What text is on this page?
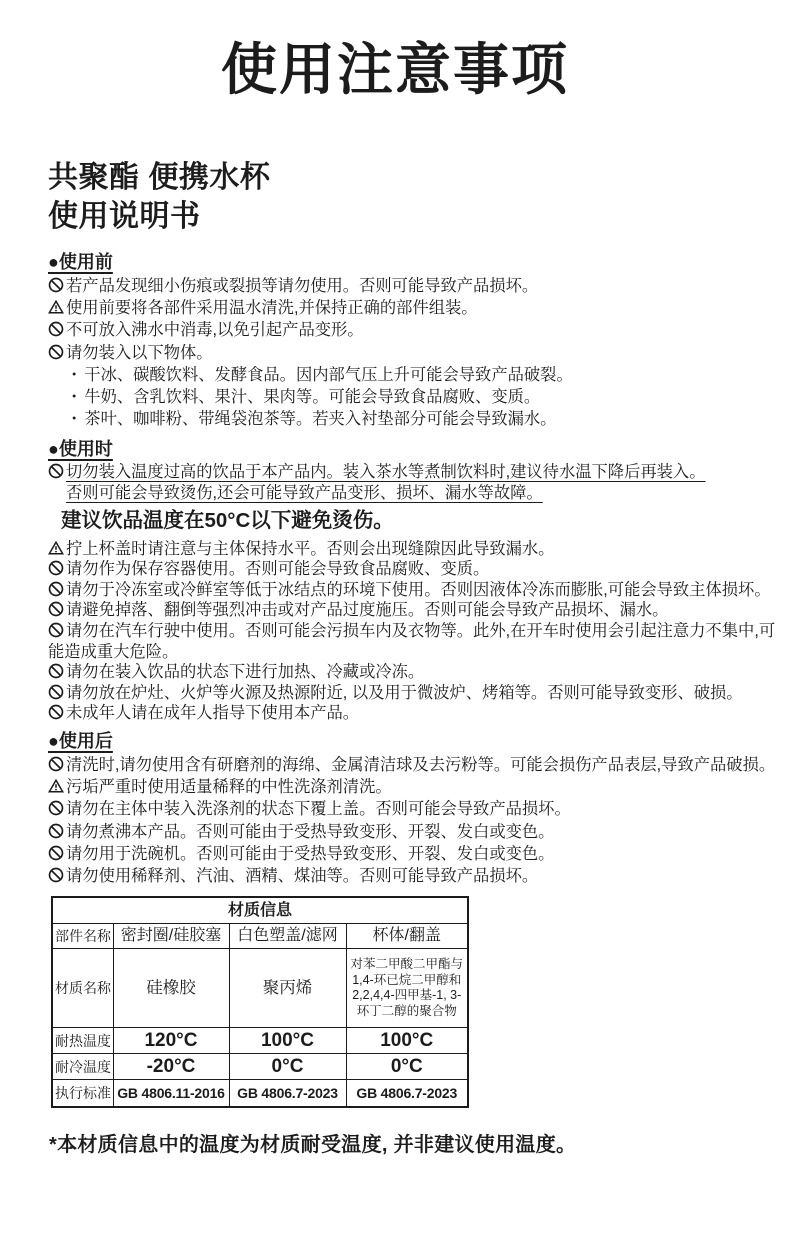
使用注意事项
共聚酯 便携水杯
使用说明书
●使用前
若产品发现细小伤痕或裂损等请勿使用。否则可能导致产品损坏。
使用前要将各部件采用温水清洗,并保持正确的部件组装。
不可放入沸水中消毒,以免引起产品变形。
请勿装入以下物体。
・ 干冰、碳酸饮料、发酵食品。因内部气压上升可能会导致产品破裂。
・ 牛奶、含乳饮料、果汁、果肉等。可能会导致食品腐败、变质。
・ 茶叶、咖啡粉、带绳袋泡茶等。若夹入衬垫部分可能会导致漏水。
●使用时
切勿装入温度过高的饮品于本产品内。装入茶水等煮制饮料时,建议待水温下降后再装入。
否则可能会导致烫伤,还会可能导致产品变形、损坏、漏水等故障。
建议饮品温度在50°C以下避免烫伤。
拧上杯盖时请注意与主体保持水平。否则会出现缝隙因此导致漏水。
请勿作为保存容器使用。否则可能会导致食品腐败、变质。
请勿于冷冻室或冷鲜室等低于冰结点的环境下使用。否则因液体冷冻而膨胀,可能会导致主体损坏。
请避免掉落、翻倒等强烈冲击或对产品过度施压。否则可能会导致产品损坏、漏水。
请勿在汽车行驶中使用。否则可能会污损车内及衣物等。此外,在开车时使用会引起注意力不集中,可能造成重大危险。
请勿在装入饮品的状态下进行加热、冷藏或冷冻。
请勿放在炉灶、火炉等火源及热源附近, 以及用于微波炉、烤箱等。否则可能导致变形、破损。
未成年人请在成年人指导下使用本产品。
●使用后
清洗时,请勿使用含有研磨剂的海绵、金属清洁球及去污粉等。可能会损伤产品表层,导致产品破损。
污垢严重时使用适量稀释的中性洗涤剂清洗。
请勿在主体中装入洗涤剂的状态下覆上盖。否则可能会导致产品损坏。
请勿煮沸本产品。否则可能由于受热导致变形、开裂、发白或变色。
请勿用于洗碗机。否则可能由于受热导致变形、开裂、发白或变色。
请勿使用稀释剂、汽油、酒精、煤油等。否则可能导致产品损坏。
材质信息			
部件名称	密封圈/硅胶塞	白色塑盖/滤网	杯体/翻盖
材质名称	硅橡胶	聚丙烯	对苯二甲酸二甲酯与
1,4-环已烷二甲醇和
2,2,4,4-四甲基-1, 3-
环丁二醇的聚合物
耐热温度	120°C	100°C	100°C
耐冷温度	-20°C	0°C	0°C
执行标准	GB 4806.11-2016	GB 4806.7-2023	GB 4806.7-2023
*本材质信息中的温度为材质耐受温度, 并非建议使用温度。
